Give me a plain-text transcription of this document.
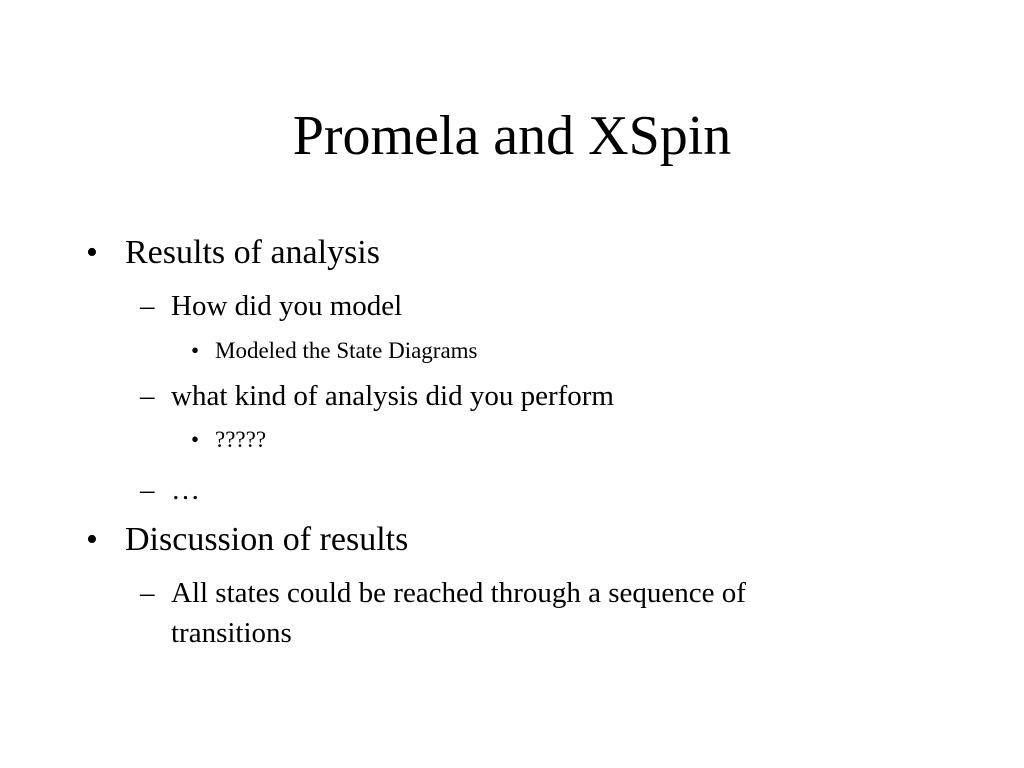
Promela and XSpin
• Results of analysis
– How did you model
• Modeled the State Diagrams
– what kind of analysis did you perform
• ?????
– …
• Discussion of results
– All states could be reached through a sequence of transitions
